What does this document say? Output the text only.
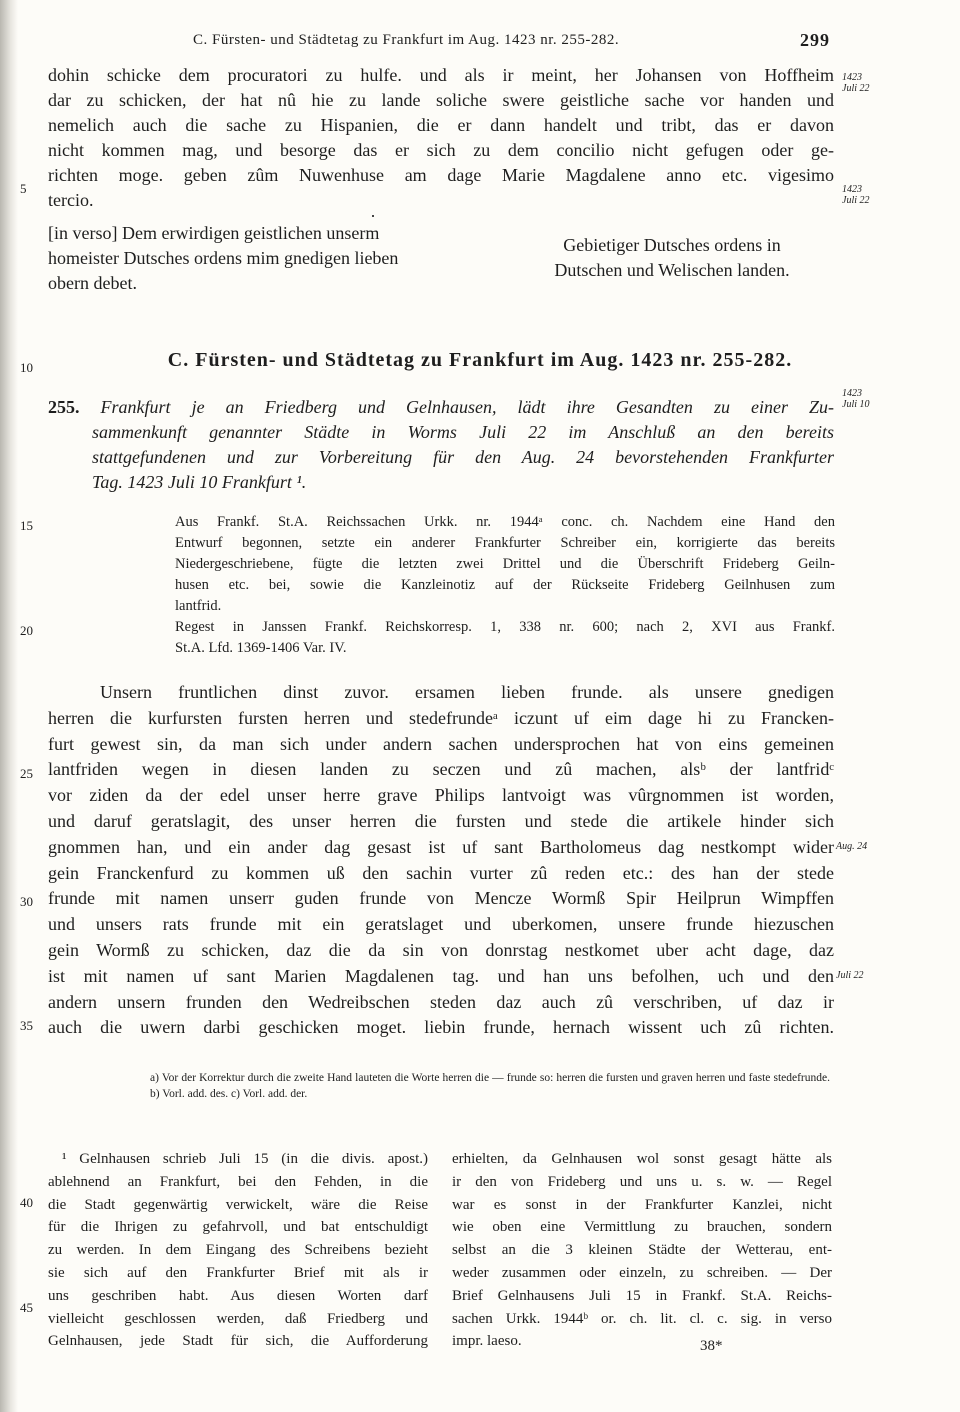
C. Fürsten- und Städtetag zu Frankfurt im Aug. 1423 nr. 255-282.	299
dohin schicke dem procuratori zu hulfe. und als ir meint, her Johansen von Hoffheim
dar zu schicken, der hat nû hie zu lande soliche swere geistliche sache vor handen und
nemelich auch die sache zu Hispanien, die er dann handelt und tribt, das er davon
nicht kommen mag, und besorge das er sich zu dem concilio nicht gefugen oder ge-
richten moge. geben zûm Nuwenhuse am dage Marie Magdalene anno etc. vigesimo
tercio.
[in verso] Dem erwirdigen geistlichen unserm
homeister Dutsches ordens mim gnedigen lieben
obern debet.
Gebietiger Dutsches ordens in
Dutschen und Welischen landen.
C. Fürsten- und Städtetag zu Frankfurt im Aug. 1423 nr. 255-282.
255. Frankfurt je an Friedberg und Gelnhausen, lädt ihre Gesandten zu einer Zu-
sammenkunft genannter Städte in Worms Juli 22 im Anschluß an den bereits
stattgefundenen und zur Vorbereitung für den Aug. 24 bevorstehenden Frankfurter
Tag. 1423 Juli 10 Frankfurt ¹.
Aus Frankf. St.A. Reichssachen Urkk. nr. 1944ᵃ conc. ch. Nachdem eine Hand den
Entwurf begonnen, setzte ein anderer Frankfurter Schreiber ein, korrigierte das bereits
Niedergeschriebene, fügte die letzten zwei Drittel und die Überschrift Frideberg Geiln-
husen etc. bei, sowie die Kanzleinotiz auf der Rückseite Frideberg Geilnhusen zum
lantfrid.
Regest in Janssen Frankf. Reichskorresp. 1, 338 nr. 600; nach 2, XVI aus Frankf.
St.A. Lfd. 1369-1406 Var. IV.
Unsern fruntlichen dinst zuvor. ersamen lieben frunde. als unsere gnedigen
herren die kurfursten fursten herren und stedefrundeᵃ iczunt uf eim dage hi zu Francken-
furt gewest sin, da man sich under andern sachen undersprochen hat von eins gemeinen
lantfriden wegen in diesen landen zu seczen und zû machen, alsᵇ der lantfridᶜ
vor ziden da der edel unser herre grave Philips lantvoigt was vûrgnommen ist worden,
und daruf geratslagit, des unser herren die fursten und stede die artikele hinder sich
gnommen han, und ein ander dag gesast ist uf sant Bartholomeus dag nestkompt wider
gein Franckenfurd zu kommen uß den sachin vurter zû reden etc.: des han der stede
frunde mit namen unserr guden frunde von Mencze Wormß Spir Heilprun Wimpffen
und unsers rats frunde mit ein geratslaget und uberkomen, unsere frunde hiezuschen
gein Wormß zu schicken, daz die da sin von donrstag nestkomet uber acht dage, daz
ist mit namen uf sant Marien Magdalenen tag. und han uns befolhen, uch und den
andern unsern frunden den Wedreibschen steden daz auch zû verschriben, uf daz ir
auch die uwern darbi geschicken moget. liebin frunde, hernach wissent uch zû richten.
a) Vor der Korrektur durch die zweite Hand lauteten die Worte herren die — frunde so: herren die fursten und graven herren und faste stedefrunde. b) Vorl. add. des. c) Vorl. add. der.
¹ Gelnhausen schrieb Juli 15 (in die divis. apost.)
ablehnend an Frankfurt, bei den Fehden, in die
die Stadt gegenwärtig verwickelt, wäre die Reise
für die Ihrigen zu gefahrvoll, und bat entschuldigt
zu werden. In dem Eingang des Schreibens bezieht
sie sich auf den Frankfurter Brief mit als ir
uns geschriben habt. Aus diesen Worten darf
vielleicht geschlossen werden, daß Friedberg und
Gelnhausen, jede Stadt für sich, die Aufforderung
erhielten, da Gelnhausen wol sonst gesagt hätte als
ir den von Frideberg und uns u. s. w. — Regel
war es sonst in der Frankfurter Kanzlei, nicht
wie oben eine Vermittlung zu brauchen, sondern
selbst an die 3 kleinen Städte der Wetterau, ent-
weder zusammen oder einzeln, zu schreiben. — Der
Brief Gelnhausens Juli 15 in Frankf. St.A. Reichs-
sachen Urkk. 1944ᵇ or. ch. lit. cl. c. sig. in verso
impr. laeso.	38*
5
10
15
20
25
30
35
40
45
1423
Juli 22
1423
Juli 22
1423
Juli 10
Aug. 24
Juli 22
